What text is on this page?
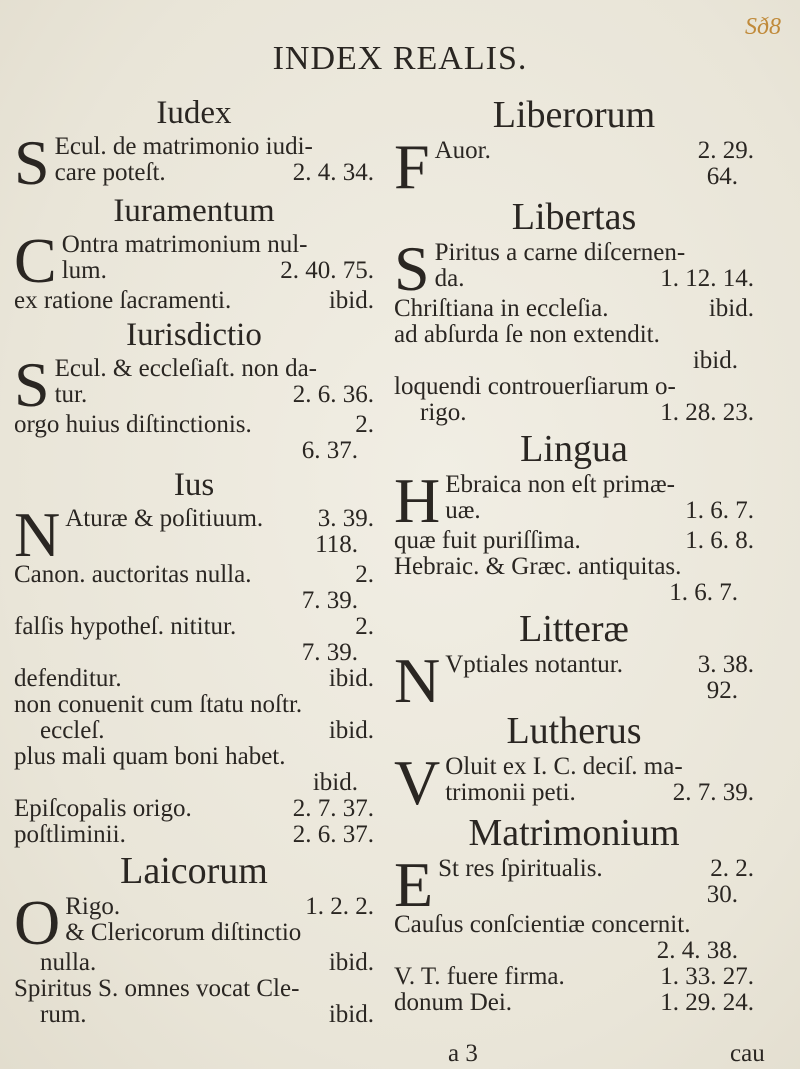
Sð8
INDEX REALIS.
Iudex
S Ecul. de matrimonio iudi-
care poteſt.	2. 4. 34.
Iuramentum
C Ontra matrimonium nul-
lum.	2. 40. 75.
ex ratione ſacramenti.	ibid.
Iurisdictio
S Ecul. & eccleſiaſt. non da-
tur.	2. 6. 36.
orgo huius diſtinctionis.	2.
6. 37.
Ius
N Aturæ & poſitiuum. 3. 39.
118.
Canon. auctoritas nulla.	2.
7. 39.
falſis hypotheſ. nititur.	2.
7. 39.
defenditur.	ibid.
non conuenit cum ſtatu noſtr.
eccleſ.	ibid.
plus mali quam boni habet.
ibid.
Epiſcopalis origo.	2. 7. 37.
poſtliminii.	2. 6. 37.
Laicorum
O Rigo.	1. 2. 2.
& Clericorum diſtinctio
nulla.	ibid.
Spiritus S. omnes vocat Cle-
rum.	ibid.
Liberorum
F Auor.	2. 29.
64.
Libertas
S Piritus a carne diſcernen-
da.	1. 12. 14.
Chriſtiana in eccleſia.	ibid.
ad abſurda ſe non extendit.
ibid.
loquendi controuerſiarum o-
rigo.	1. 28. 23.
Lingua
H Ebraica non eſt primæ-
uæ.	1. 6. 7.
quæ fuit puriſſima.	1. 6. 8.
Hebraic. & Græc. antiquitas.
1. 6. 7.
Litteræ
N Vptiales notantur.	3. 38.
92.
Lutherus
V Oluit ex I. C. deciſ. ma-
trimonii peti.	2. 7. 39.
Matrimonium
E St res ſpiritualis.	2. 2.
30.
Cauſus conſcientiæ concernit.
2. 4. 38.
V. T. fuere firma.	1. 33. 27.
donum Dei.	1. 29. 24.
a 3	cau
